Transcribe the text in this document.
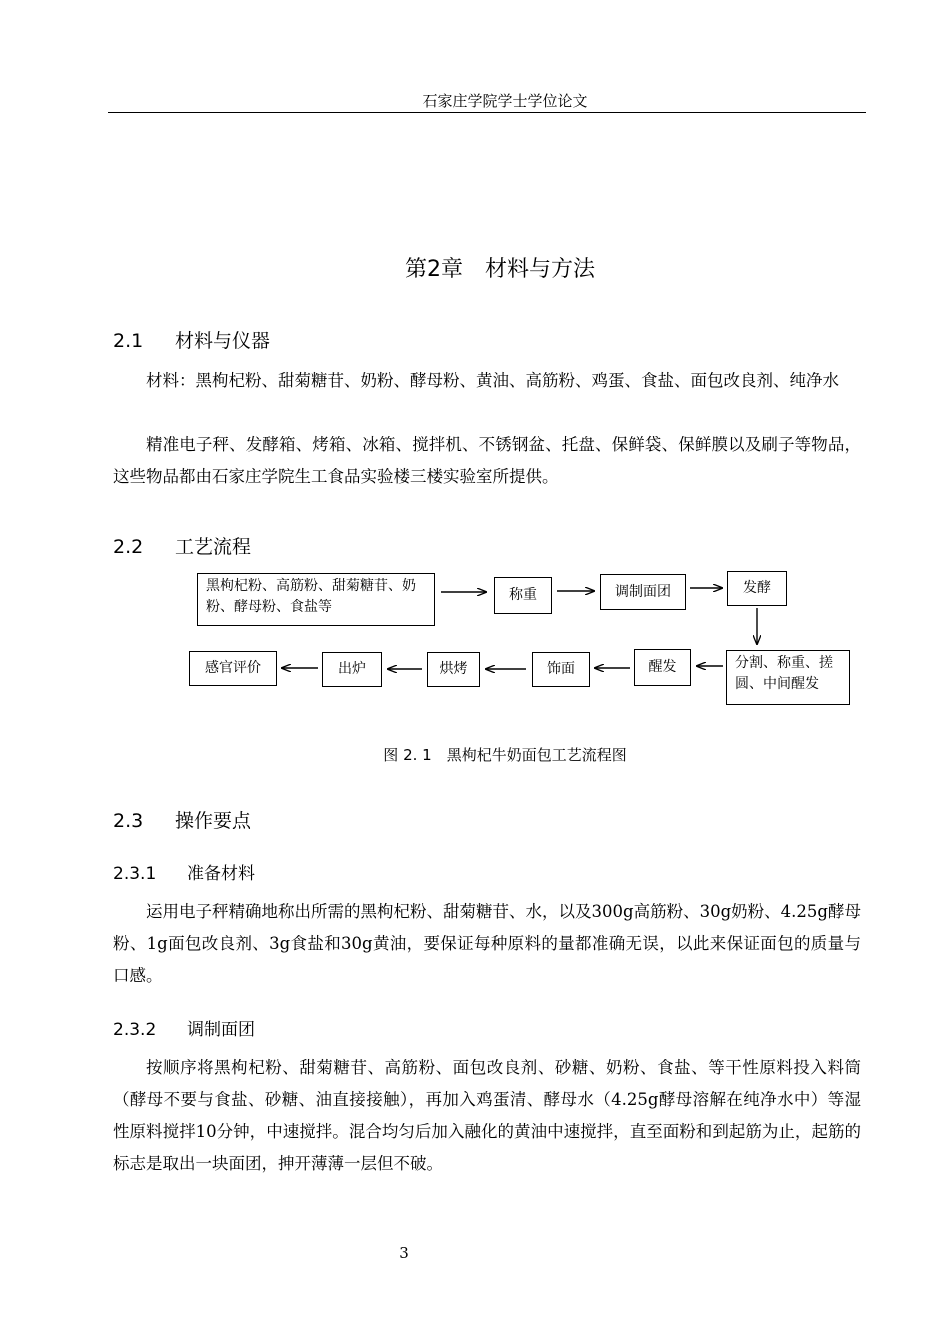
石家庄学院学士学位论文
第2章　材料与方法
2.1 材料与仪器
材料：黑枸杞粉、甜菊糖苷、奶粉、酵母粉、黄油、高筋粉、鸡蛋、食盐、面包改良剂、纯净水
精准电子秤、发酵箱、烤箱、冰箱、搅拌机、不锈钢盆、托盘、保鲜袋、保鲜膜以及刷子等物品，这些物品都由石家庄学院生工食品实验楼三楼实验室所提供。
2.2 工艺流程
黑枸杞粉、高筋粉、甜菊糖苷、奶粉、酵母粉、食盐等
称重	调制面团	发酵
分割、称重、搓圆、中间醒发
醒发
饰面
烘烤
出炉
感官评价
图 2. 1　黑枸杞牛奶面包工艺流程图
2.3 操作要点
2.3.1 准备材料
运用电子秤精确地称出所需的黑枸杞粉、甜菊糖苷、水，以及300g高筋粉、30g奶粉、4.25g酵母粉、1g面包改良剂、3g食盐和30g黄油，要保证每种原料的量都准确无误，以此来保证面包的质量与口感。
2.3.2 调制面团
按顺序将黑枸杞粉、甜菊糖苷、高筋粉、面包改良剂、砂糖、奶粉、食盐、等干性原料投入料筒（酵母不要与食盐、砂糖、油直接接触），再加入鸡蛋清、酵母水（4.25g酵母溶解在纯净水中）等湿性原料搅拌10分钟，中速搅拌。混合均匀后加入融化的黄油中速搅拌，直至面粉和到起筋为止，起筋的标志是取出一块面团，抻开薄薄一层但不破。
3
